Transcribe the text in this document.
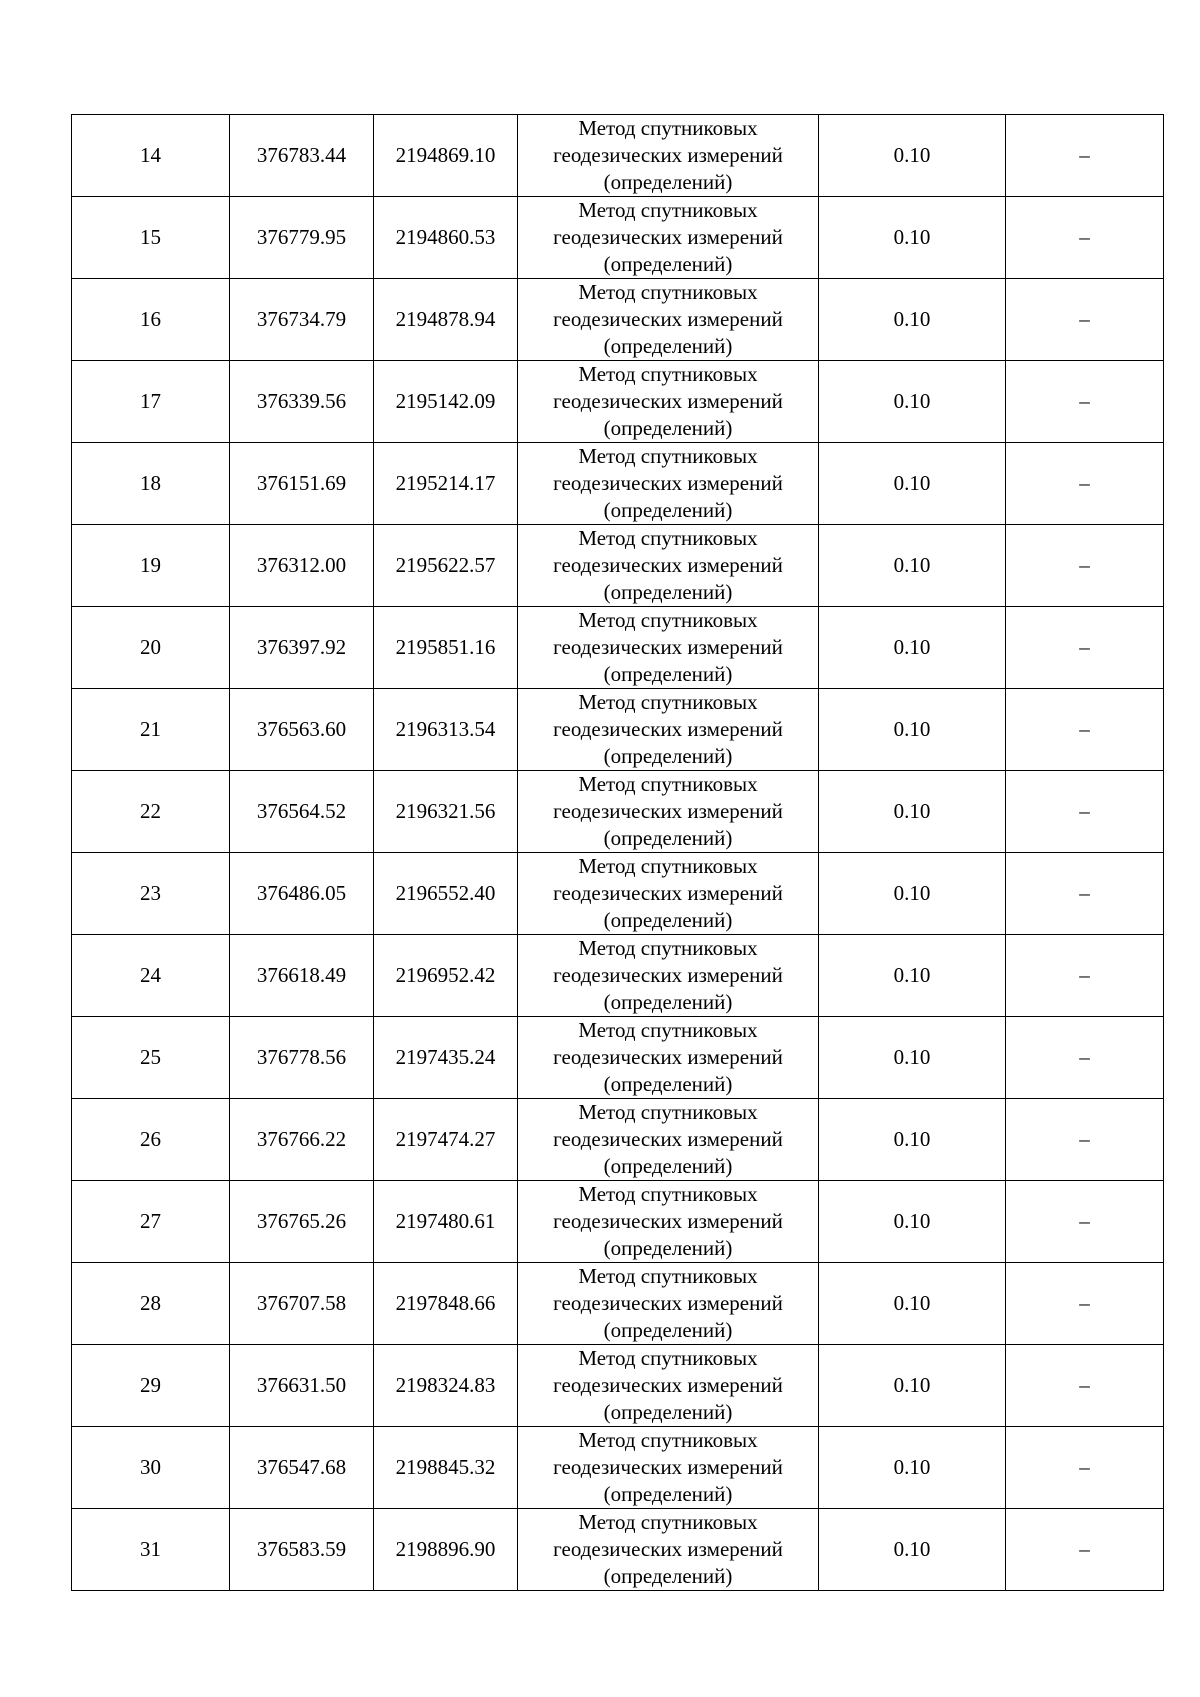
14	376783.44	2194869.10	Метод спутниковых
геодезических измерений
(определений)	0.10	–
15	376779.95	2194860.53	Метод спутниковых
геодезических измерений
(определений)	0.10	–
16	376734.79	2194878.94	Метод спутниковых
геодезических измерений
(определений)	0.10	–
17	376339.56	2195142.09	Метод спутниковых
геодезических измерений
(определений)	0.10	–
18	376151.69	2195214.17	Метод спутниковых
геодезических измерений
(определений)	0.10	–
19	376312.00	2195622.57	Метод спутниковых
геодезических измерений
(определений)	0.10	–
20	376397.92	2195851.16	Метод спутниковых
геодезических измерений
(определений)	0.10	–
21	376563.60	2196313.54	Метод спутниковых
геодезических измерений
(определений)	0.10	–
22	376564.52	2196321.56	Метод спутниковых
геодезических измерений
(определений)	0.10	–
23	376486.05	2196552.40	Метод спутниковых
геодезических измерений
(определений)	0.10	–
24	376618.49	2196952.42	Метод спутниковых
геодезических измерений
(определений)	0.10	–
25	376778.56	2197435.24	Метод спутниковых
геодезических измерений
(определений)	0.10	–
26	376766.22	2197474.27	Метод спутниковых
геодезических измерений
(определений)	0.10	–
27	376765.26	2197480.61	Метод спутниковых
геодезических измерений
(определений)	0.10	–
28	376707.58	2197848.66	Метод спутниковых
геодезических измерений
(определений)	0.10	–
29	376631.50	2198324.83	Метод спутниковых
геодезических измерений
(определений)	0.10	–
30	376547.68	2198845.32	Метод спутниковых
геодезических измерений
(определений)	0.10	–
31	376583.59	2198896.90	Метод спутниковых
геодезических измерений
(определений)	0.10	–
